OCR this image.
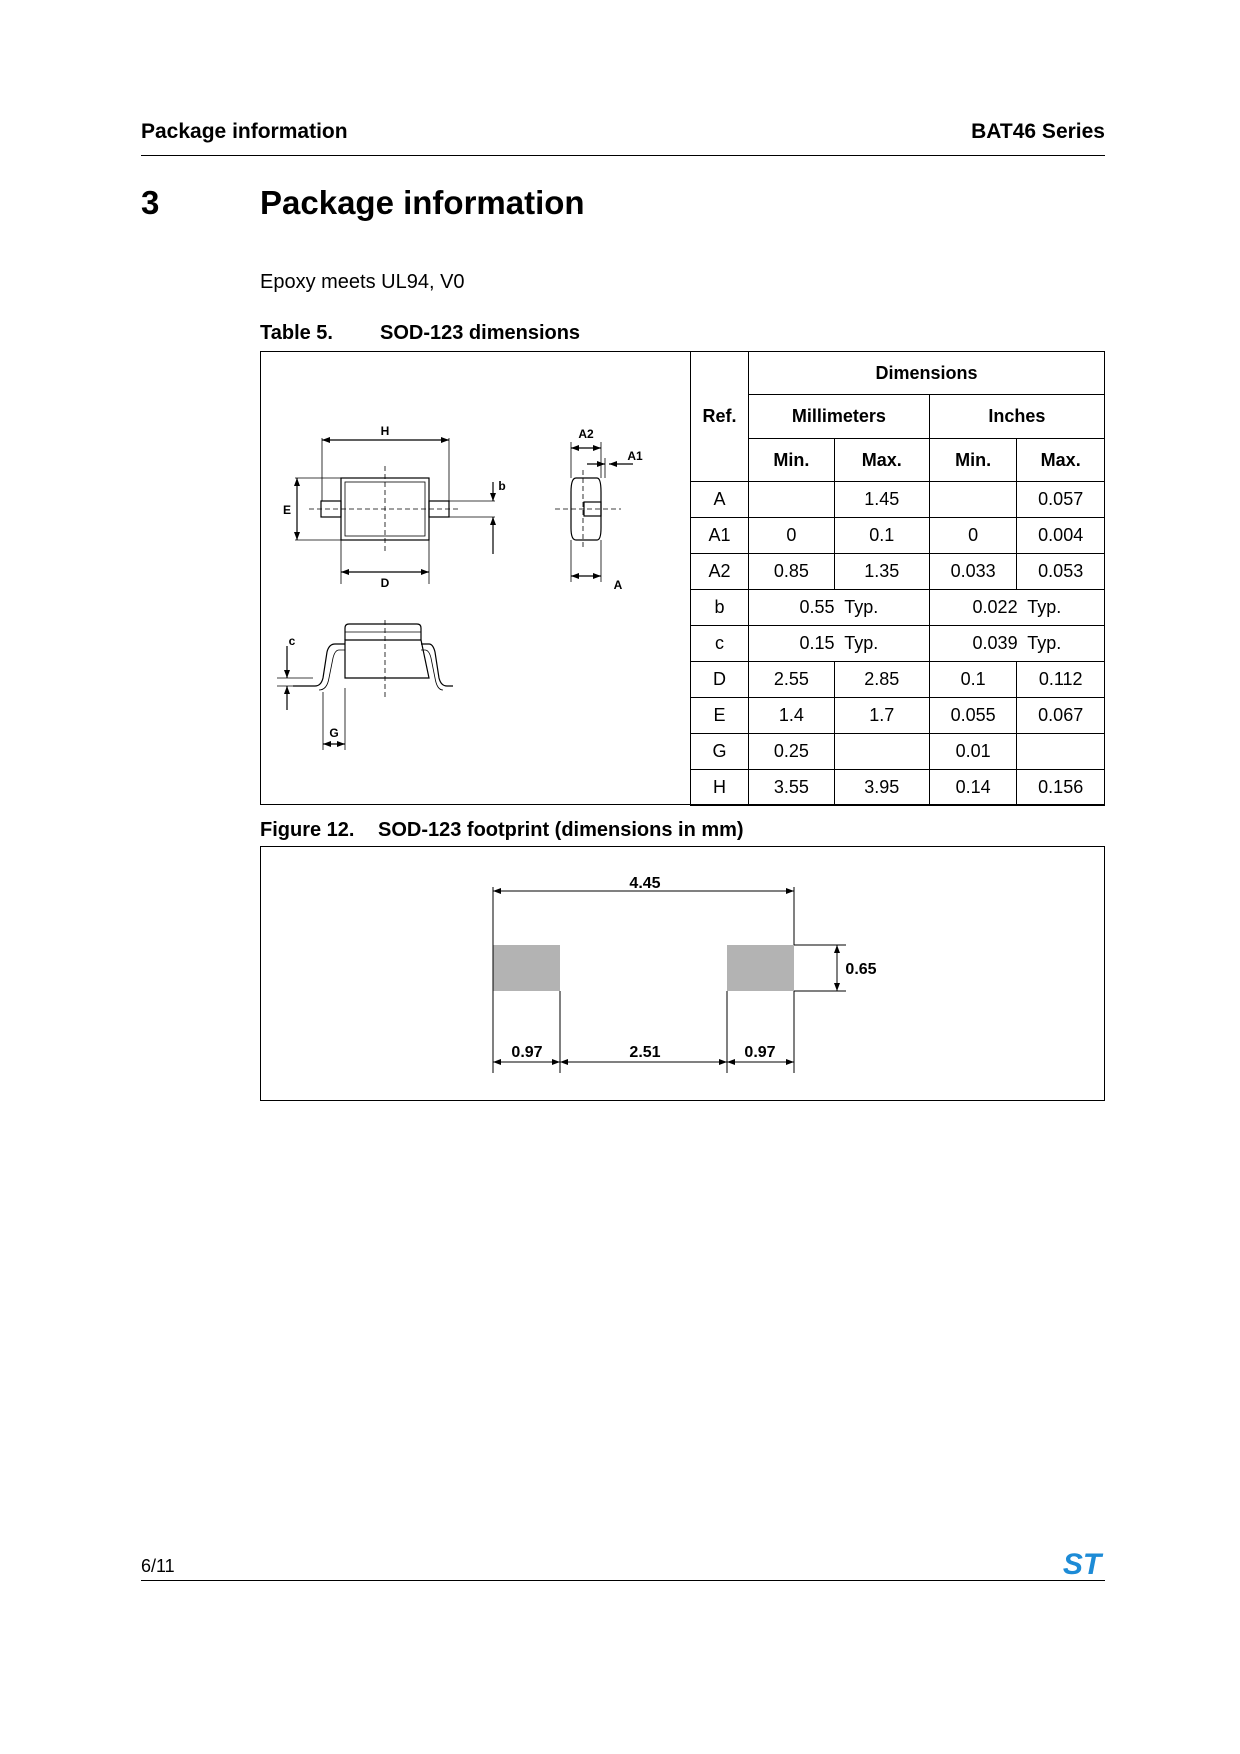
Package information	BAT46 Series
3	Package information
Epoxy meets UL94, V0
Table 5. SOD-123 dimensions
H
E
D
b
A2
A1
A
c
G
Ref.	Dimensions			
	Millimeters		Inches	
	Min.	Max.	Min.	Max.
A		1.45		0.057
A1	0	0.1	0	0.004
A2	0.85	1.35	0.033	0.053
b	0.55  Typ.		0.022  Typ.	
c	0.15  Typ.		0.039  Typ.	
D	2.55	2.85	0.1	0.112
E	1.4	1.7	0.055	0.067
G	0.25		0.01	
H	3.55	3.95	0.14	0.156
Figure 12. SOD-123 footprint (dimensions in mm)
4.45
0.65
0.97	2.51	0.97
6/11	ST
